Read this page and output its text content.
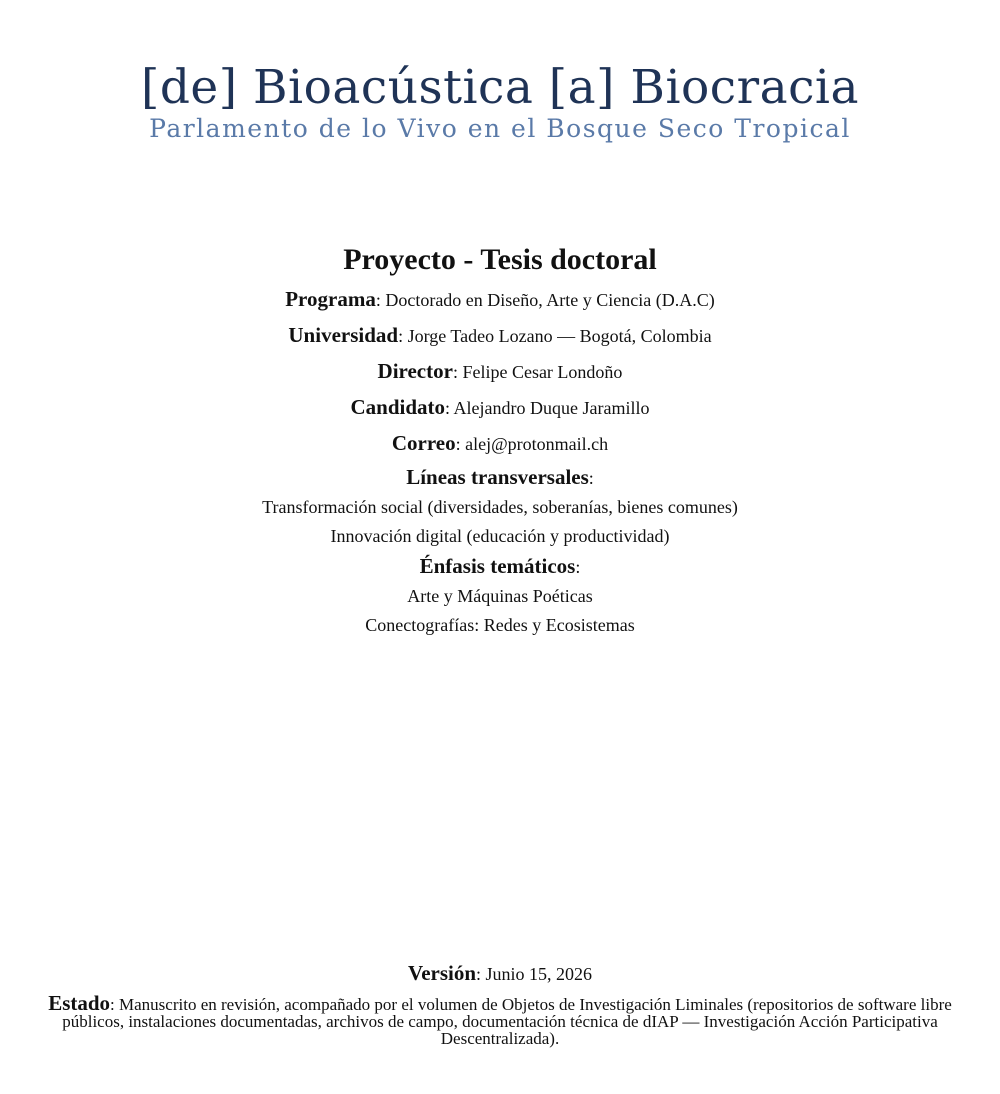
[de] Bioacústica [a] Biocracia
Parlamento de lo Vivo en el Bosque Seco Tropical
Proyecto - Tesis doctoral
Programa: Doctorado en Diseño, Arte y Ciencia (D.A.C)
Universidad: Jorge Tadeo Lozano — Bogotá, Colombia
Director: Felipe Cesar Londoño
Candidato: Alejandro Duque Jaramillo
Correo: alej@protonmail.ch
Líneas transversales:
Transformación social (diversidades, soberanías, bienes comunes)
Innovación digital (educación y productividad)
Énfasis temáticos:
Arte y Máquinas Poéticas
Conectografías: Redes y Ecosistemas
Versión: Junio 15, 2026
Estado: Manuscrito en revisión, acompañado por el volumen de Objetos de Investigación Liminales (repositorios de software libre públicos, instalaciones documentadas, archivos de campo, documentación técnica de dIAP — Investigación Acción Participativa Descentralizada).
